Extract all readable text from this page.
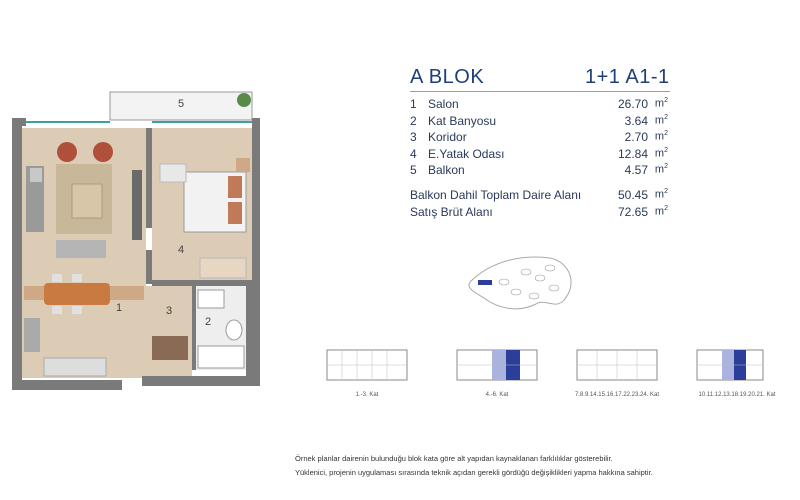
5
4
1	3
2
A BLOK	1+1 A1-1
1 Salon	26.70 $m^2$
2 Kat Banyosu	3.64 $m^2$
3 Koridor	2.70 $m^2$
4 E.Yatak Odası	12.84 $m^2$
5 Balkon	4.57 $m^2$
Balkon Dahil Toplam Daire Alanı	50.45 $m^2$
Satış Brüt Alanı	72.65 $m^2$
1.-3. Kat	4.-6. Kat	7.8.9.14.15.16.17.22.23.24. Kat	10.11.12.13.18.19.20.21. Kat
Örnek planlar dairenin bulunduğu blok kata göre alt yapıdan kaynaklanan farklılıklar gösterebilir.
Yüklenici, projenin uygulaması sırasında teknik açıdan gerekli gördüğü değişiklikleri yapma hakkına sahiptir.
